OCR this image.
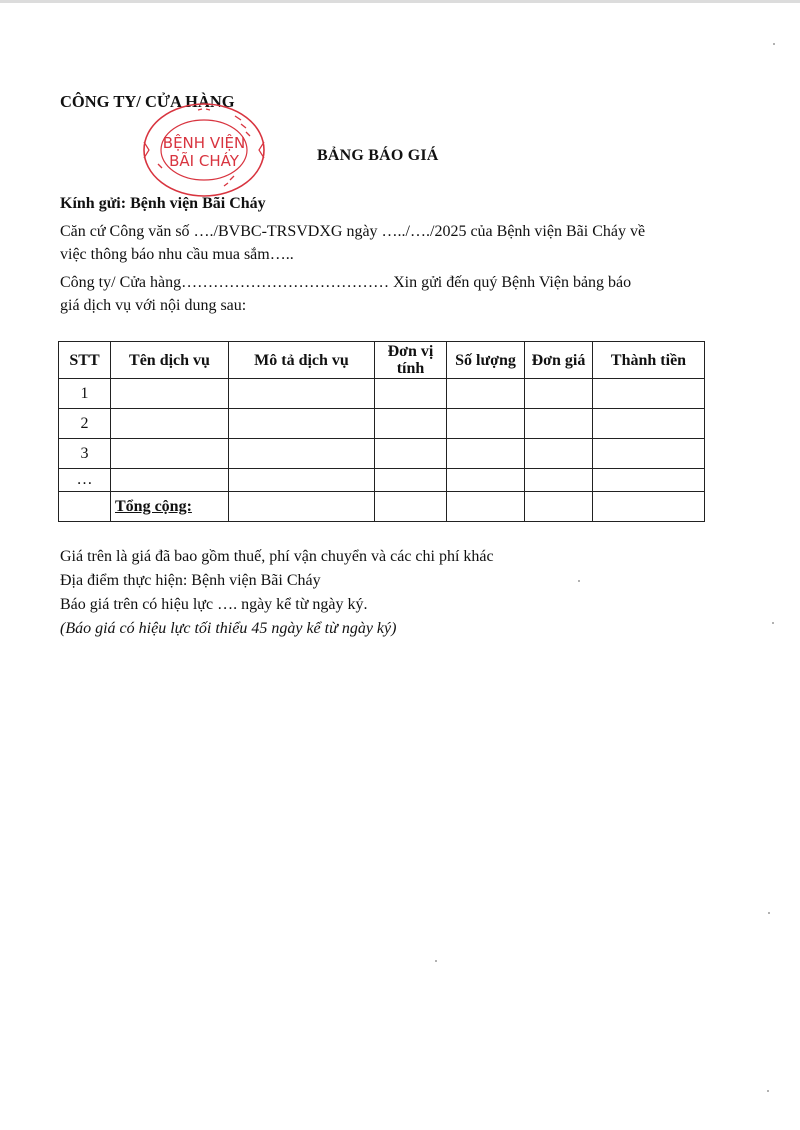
CÔNG TY/ CỬA HÀNG
BỆNH VIỆN
BÃI CHÁY	BẢNG BÁO GIÁ
Kính gửi: Bệnh viện Bãi Cháy
Căn cứ Công văn số …./BVBC-TRSVDXG ngày …../…./2025 của Bệnh viện Bãi Cháy về
việc thông báo nhu cầu mua sắm…..
Công ty/ Cửa hàng………………………………… Xin gửi đến quý Bệnh Viện bảng báo
giá dịch vụ với nội dung sau:
STT	Tên dịch vụ	Mô tả dịch vụ	Đơn vị tính	Số lượng	Đơn giá	Thành tiền
1						
2						
3						
…						
	Tổng cộng:					
Giá trên là giá đã bao gồm thuế, phí vận chuyển và các chi phí khác
Địa điểm thực hiện: Bệnh viện Bãi Cháy
Báo giá trên có hiệu lực …. ngày kể từ ngày ký.
(Báo giá có hiệu lực tối thiểu 45 ngày kể từ ngày ký)
